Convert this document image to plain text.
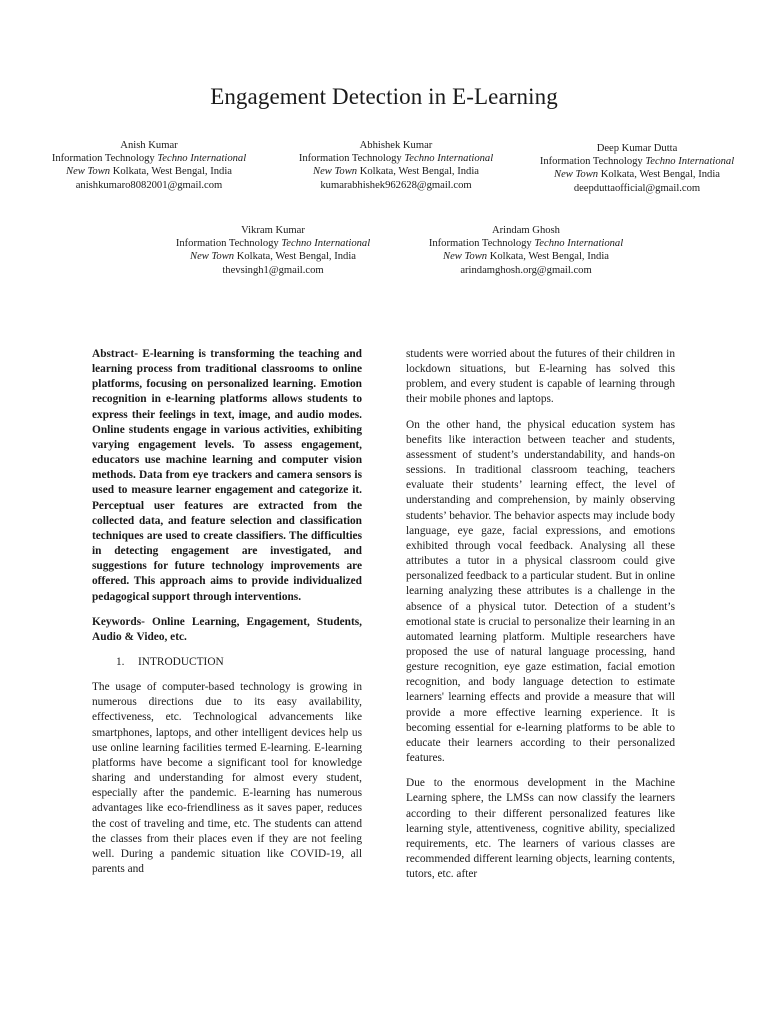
Engagement Detection in E-Learning
Anish Kumar
Information Technology Techno International
New Town Kolkata, West Bengal, India
anishkumaro8082001@gmail.com
Abhishek Kumar
Information Technology Techno International
New Town Kolkata, West Bengal, India
kumarabhishek962628@gmail.com
Deep Kumar Dutta
Information Technology Techno International
New Town Kolkata, West Bengal, India
deepduttaofficial@gmail.com
Vikram Kumar
Information Technology Techno International
New Town Kolkata, West Bengal, India
thevsingh1@gmail.com
Arindam Ghosh
Information Technology Techno International
New Town Kolkata, West Bengal, India
arindamghosh.org@gmail.com

Abstract- E-learning is transforming the teaching and learning process from traditional classrooms to online platforms, focusing on personalized learning. Emotion recognition in e-learning platforms allows students to express their feelings in text, image, and audio modes. Online students engage in various activities, exhibiting varying engagement levels. To assess engagement, educators use machine learning and computer vision methods. Data from eye trackers and camera sensors is used to measure learner engagement and categorize it. Perceptual user features are extracted from the collected data, and feature selection and classification techniques are used to create classifiers. The difficulties in detecting engagement are investigated, and suggestions for future technology improvements are offered. This approach aims to provide individualized pedagogical support through interventions.

Keywords- Online Learning, Engagement, Students, Audio & Video, etc.

1. INTRODUCTION

The usage of computer-based technology is growing in numerous directions due to its easy availability, effectiveness, etc. Technological advancements like smartphones, laptops, and other intelligent devices help us use online learning facilities termed E-learning. E-learning platforms have become a significant tool for knowledge sharing and understanding for almost every student, especially after the pandemic. E-learning has numerous advantages like eco-friendliness as it saves paper, reduces the cost of traveling and time, etc. The students can attend the classes from their places even if they are not feeling well. During a pandemic situation like COVID-19, all parents and

students were worried about the futures of their children in lockdown situations, but E-learning has solved this problem, and every student is capable of learning through their mobile phones and laptops.

On the other hand, the physical education system has benefits like interaction between teacher and students, assessment of student’s understandability, and hands-on sessions. In traditional classroom teaching, teachers evaluate their students’ learning effect, the level of understanding and comprehension, by mainly observing students’ behavior. The behavior aspects may include body language, eye gaze, facial expressions, and emotions exhibited through vocal feedback. Analysing all these attributes a tutor in a physical classroom could give personalized feedback to a particular student. But in online learning analyzing these attributes is a challenge in the absence of a physical tutor. Detection of a student’s emotional state is crucial to personalize their learning in an automated learning platform. Multiple researchers have proposed the use of natural language processing, hand gesture recognition, eye gaze estimation, facial emotion recognition, and body language detection to estimate learners' learning effects and provide a measure that will provide a more effective learning experience. It is becoming essential for e-learning platforms to be able to educate their learners according to their personalized features.

Due to the enormous development in the Machine Learning sphere, the LMSs can now classify the learners according to their different personalized features like learning style, attentiveness, cognitive ability, specialized requirements, etc. The learners of various classes are recommended different learning objects, learning contents, tutors, etc. after
